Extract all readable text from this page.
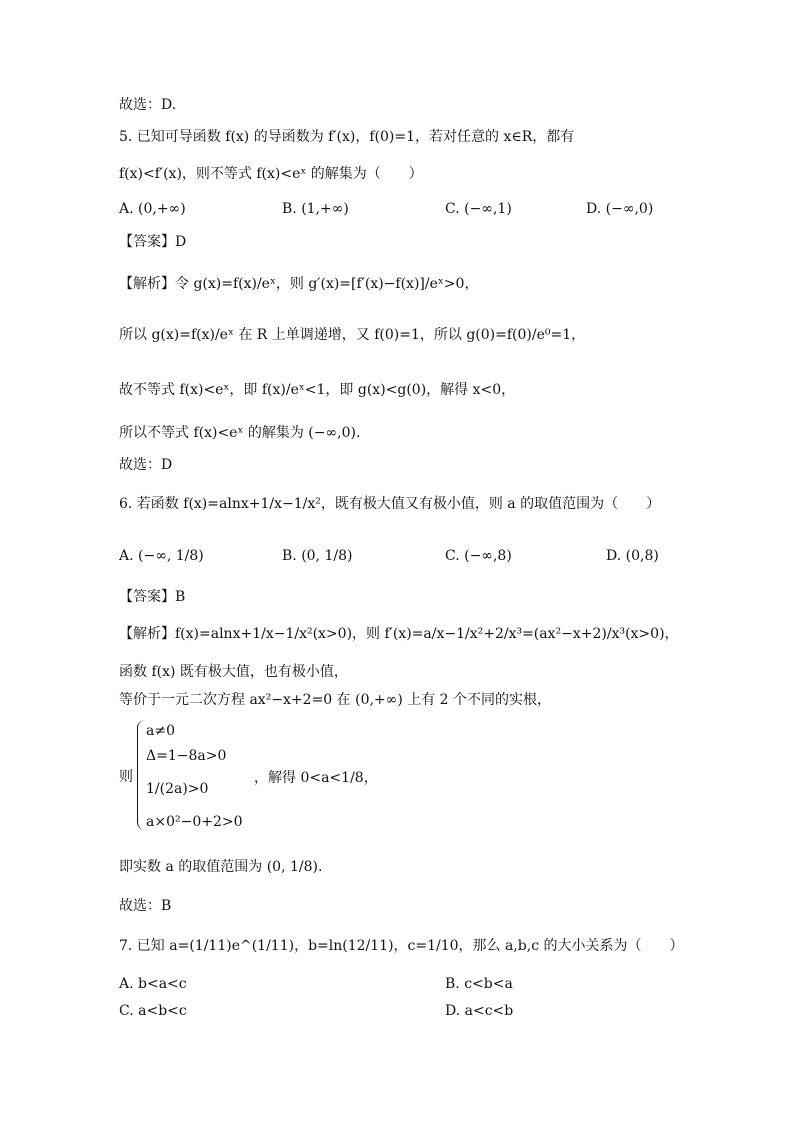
故选：D.
5. 已知可导函数 f(x) 的导函数为 f′(x)，f(0)=1，若对任意的 x∈R，都有
f(x)<f′(x)，则不等式 f(x)<eˣ 的解集为（　　）
A. (0,+∞)	B. (1,+∞)	C. (−∞,1)	D. (−∞,0)
【答案】D
【解析】令 g(x)=f(x)/eˣ，则 g′(x)=[f′(x)−f(x)]/eˣ>0，
所以 g(x)=f(x)/eˣ 在 R 上单调递增，又 f(0)=1，所以 g(0)=f(0)/e⁰=1，
故不等式 f(x)<eˣ，即 f(x)/eˣ<1，即 g(x)<g(0)，解得 x<0，
所以不等式 f(x)<eˣ 的解集为 (−∞,0).
故选：D
6. 若函数 f(x)=alnx+1/x−1/x²，既有极大值又有极小值，则 a 的取值范围为（　　）
A. (−∞, 1/8)	B. (0, 1/8)	C. (−∞,8)	D. (0,8)
【答案】B
【解析】f(x)=alnx+1/x−1/x²(x>0)，则 f′(x)=a/x−1/x²+2/x³=(ax²−x+2)/x³(x>0)，
函数 f(x) 既有极大值，也有极小值，
等价于一元二次方程 ax²−x+2=0 在 (0,+∞) 上有 2 个不同的实根，
则
a≠0
Δ=1−8a>0
1/(2a)>0
a×0²−0+2>0
，解得 0<a<1/8，
即实数 a 的取值范围为 (0, 1/8).
故选：B
7. 已知 a=(1/11)e^(1/11)，b=ln(12/11)，c=1/10，那么 a,b,c 的大小关系为（　　）
A. b<a<c	B. c<b<a
C. a<b<c	D. a<c<b
